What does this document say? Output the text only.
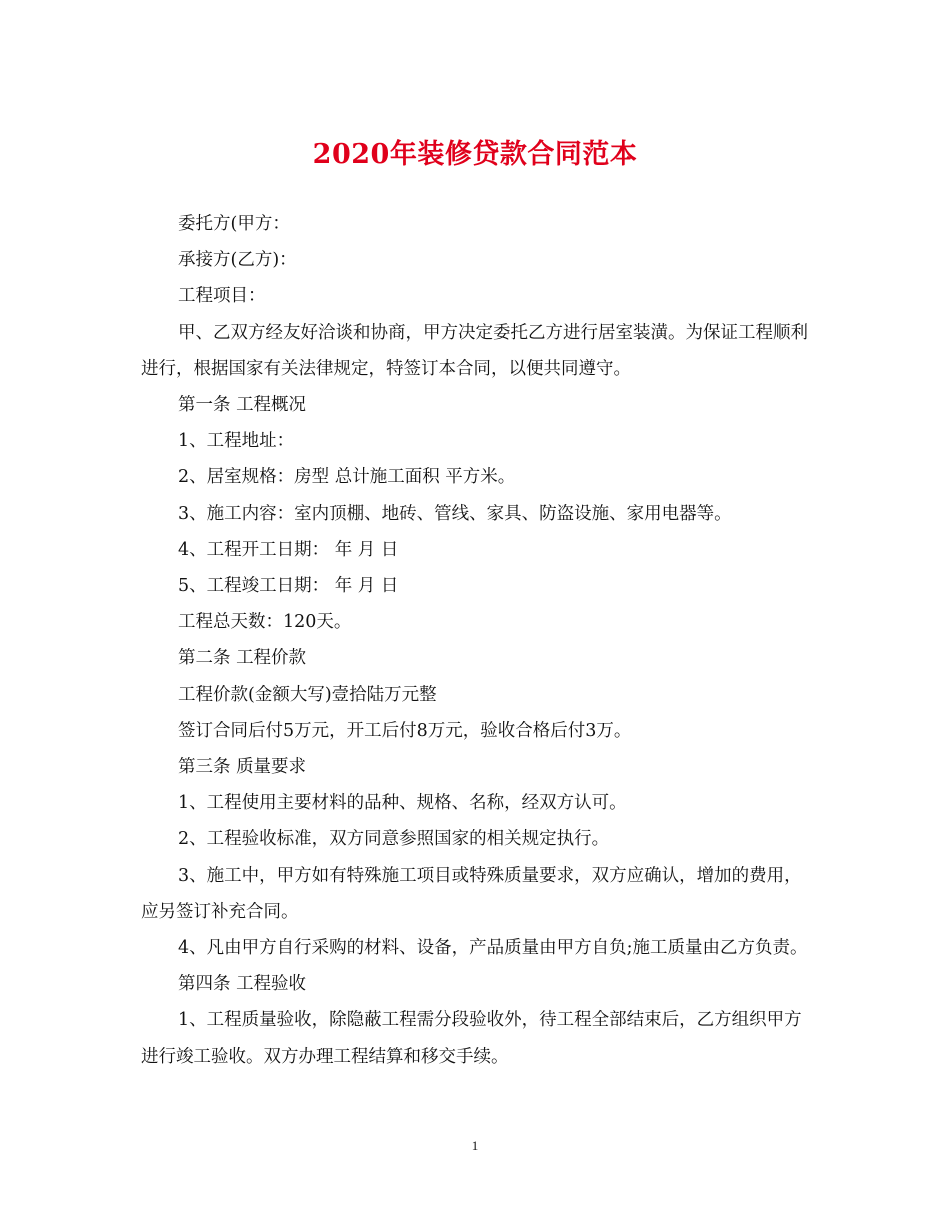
2020年装修贷款合同范本

委托方(甲方：

承接方(乙方)：

工程项目：

甲、乙双方经友好洽谈和协商，甲方决定委托乙方进行居室装潢。为保证工程顺利进行，根据国家有关法律规定，特签订本合同，以便共同遵守。

第一条 工程概况

1、工程地址：

2、居室规格：房型 总计施工面积 平方米。

3、施工内容：室内顶棚、地砖、管线、家具、防盗设施、家用电器等。

4、工程开工日期： 年 月 日

5、工程竣工日期： 年 月 日

工程总天数：120天。

第二条 工程价款

工程价款(金额大写)壹拾陆万元整

签订合同后付5万元，开工后付8万元，验收合格后付3万。

第三条 质量要求

1、工程使用主要材料的品种、规格、名称，经双方认可。

2、工程验收标准，双方同意参照国家的相关规定执行。

3、施工中，甲方如有特殊施工项目或特殊质量要求，双方应确认，增加的费用，应另签订补充合同。

4、凡由甲方自行采购的材料、设备，产品质量由甲方自负;施工质量由乙方负责。

第四条 工程验收

1、工程质量验收，除隐蔽工程需分段验收外，待工程全部结束后，乙方组织甲方进行竣工验收。双方办理工程结算和移交手续。

1
